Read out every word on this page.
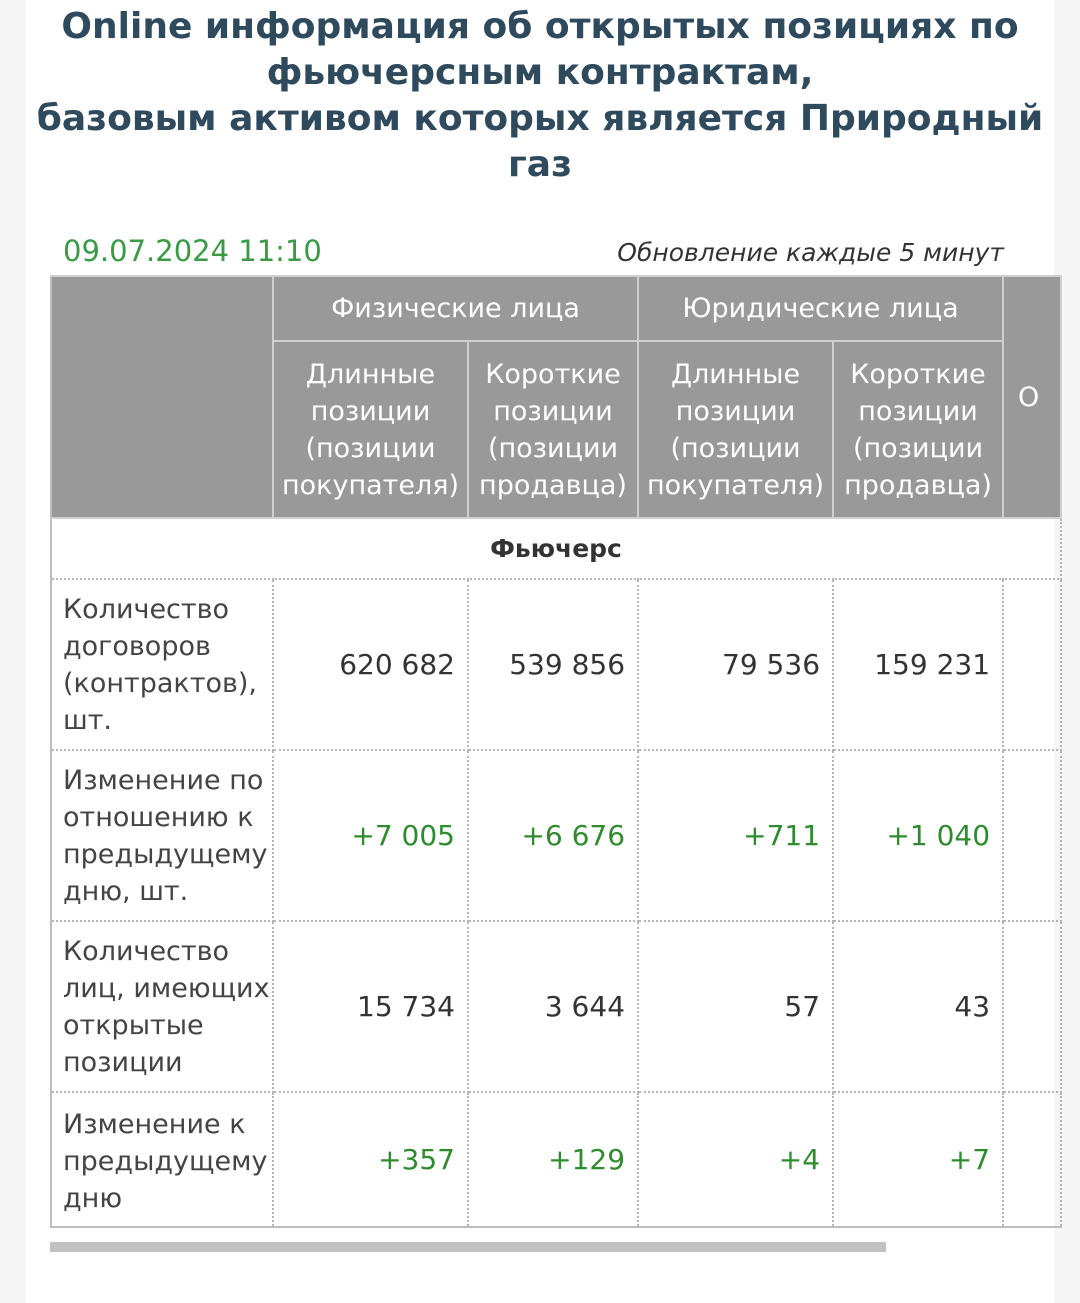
Online информация об открытых позициях по
фьючерсным контрактам,
базовым активом которых является Природный
газ
09.07.2024 11:10	Обновление каждые 5 минут
	Физические лица		Юридические лица		О
	Длинные
позиции
(позиции
покупателя)	Короткие
позиции
(позиции
продавца)	Длинные
позиции
(позиции
покупателя)	Короткие
позиции
(позиции
продавца)	
Фьючерс					
Количество
договоров
(контрактов),
шт.	620 682	539 856	79 536	159 231	
Изменение по
отношению к
предыдущему
дню, шт.	+7 005	+6 676	+711	+1 040	
Количество
лиц, имеющих
открытые
позиции	15 734	3 644	57	43	
Изменение к
предыдущему
дню	+357	+129	+4	+7	
